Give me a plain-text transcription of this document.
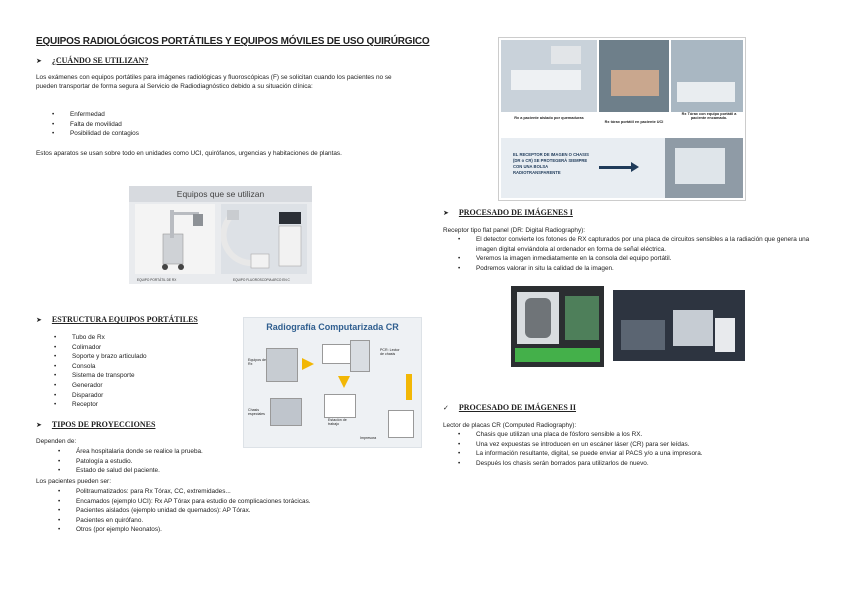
EQUIPOS RADIOLÓGICOS PORTÁTILES Y EQUIPOS MÓVILES DE USO QUIRÚRGICO
➤ ¿CUÁNDO SE UTILIZAN?
Los exámenes con equipos portátiles para imágenes radiológicas y fluoroscópicas (F) se solicitan cuando los pacientes no se pueden transportar de forma segura al Servicio de Radiodiagnóstico debido a su situación clínica:
• Enfermedad
• Falta de movilidad
• Posibilidad de contagios
Estos aparatos se usan sobre todo en unidades como UCI, quirófanos, urgencias y habitaciones de plantas.
Equipos que se utilizan
EQUIPO PORTÁTIL DE RX	EQUIPO FLUOROSCOPIA ARCO EN C
➤ ESTRUCTURA EQUIPOS PORTÁTILES
• Tubo de Rx
• Colimador
• Soporte y brazo articulado
• Consola
• Sistema de transporte
• Generador
• Disparador
• Receptor
Radiografía Computarizada CR
Equipos de Rx
PCR: Lector de chasis
Chasis especiales
Estación de trabajo
Impresora
➤ TIPOS DE PROYECCIONES
Dependen de:
• Área hospitalaria donde se realice la prueba.
• Patología a estudio.
• Estado de salud del paciente.
Los pacientes pueden ser:
• Politraumatizados: para Rx Tórax, CC, extremidades...
• Encamados (ejemplo UCI): Rx AP Tórax para estudio de complicaciones torácicas.
• Pacientes aislados (ejemplo unidad de quemados): AP Tórax.
• Pacientes en quirófano.
• Otros (por ejemplo Neonatos).
Rx a paciente aislado por quemaduras
Rx tórax portátil en paciente UCI
Rx Tórax con equipo portátil a paciente encamado.
EL RECEPTOR DE IMAGEN O CHASIS (DR o CR) SE PROTEGERÁ SIEMPRE CON UNA BOLSA RADIOTRANSPARENTE
➤ PROCESADO DE IMÁGENES I
Receptor tipo flat panel (DR: Digital Radiography):
• El detector convierte los fotones de RX capturados por una placa de circuitos sensibles a la radiación que genera una imagen digital enviándola al ordenador en forma de señal eléctrica.
• Veremos la imagen inmediatamente en la consola del equipo portátil.
• Podremos valorar in situ la calidad de la imagen.
✓ PROCESADO DE IMÁGENES II
Lector de placas CR (Computed Radiography):
• Chasis que utilizan una placa de fósforo sensible a los RX.
• Una vez expuestas se introducen en un escáner láser (CR) para ser leídas.
• La información resultante, digital, se puede enviar al PACS y/o a una impresora.
• Después los chasis serán borrados para utilizarlos de nuevo.
